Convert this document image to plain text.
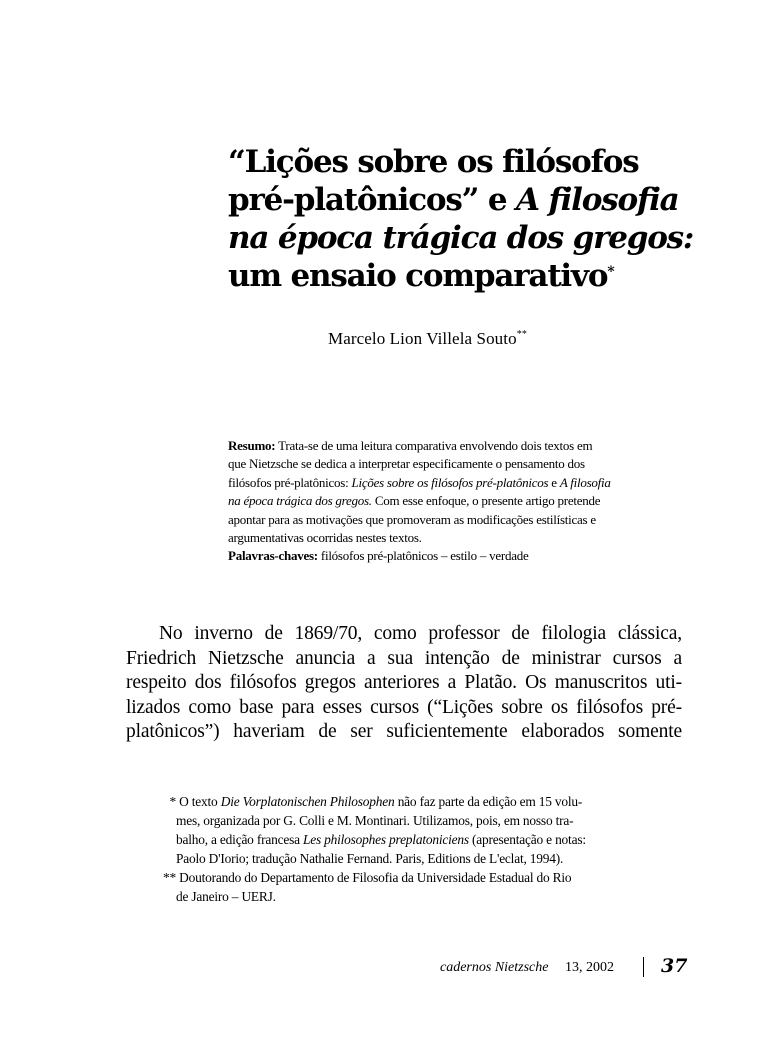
“Lições sobre os filósofos
pré-platônicos” e A filosofia
na época trágica dos gregos:
um ensaio comparativo*
Marcelo Lion Villela Souto**
Resumo: Trata-se de uma leitura comparativa envolvendo dois textos em
que Nietzsche se dedica a interpretar especificamente o pensamento dos
filósofos pré-platônicos: Lições sobre os filósofos pré-platônicos e A filosofia
na época trágica dos gregos. Com esse enfoque, o presente artigo pretende
apontar para as motivações que promoveram as modificações estilísticas e
argumentativas ocorridas nestes textos.
Palavras-chaves: filósofos pré-platônicos – estilo – verdade
No inverno de 1869/70, como professor de filologia clássica,
Friedrich Nietzsche anuncia a sua intenção de ministrar cursos a
respeito dos filósofos gregos anteriores a Platão. Os manuscritos uti-
lizados como base para esses cursos (“Lições sobre os filósofos pré-
platônicos”) haveriam de ser suficientemente elaborados somente
* O texto Die Vorplatonischen Philosophen não faz parte da edição em 15 volu-
mes, organizada por G. Colli e M. Montinari. Utilizamos, pois, em nosso tra-
balho, a edição francesa Les philosophes preplatoniciens (apresentação e notas:
Paolo D'Iorio; tradução Nathalie Fernand. Paris, Editions de L'eclat, 1994).
** Doutorando do Departamento de Filosofia da Universidade Estadual do Rio
de Janeiro – UERJ.
cadernos Nietzsche 13, 2002 37
